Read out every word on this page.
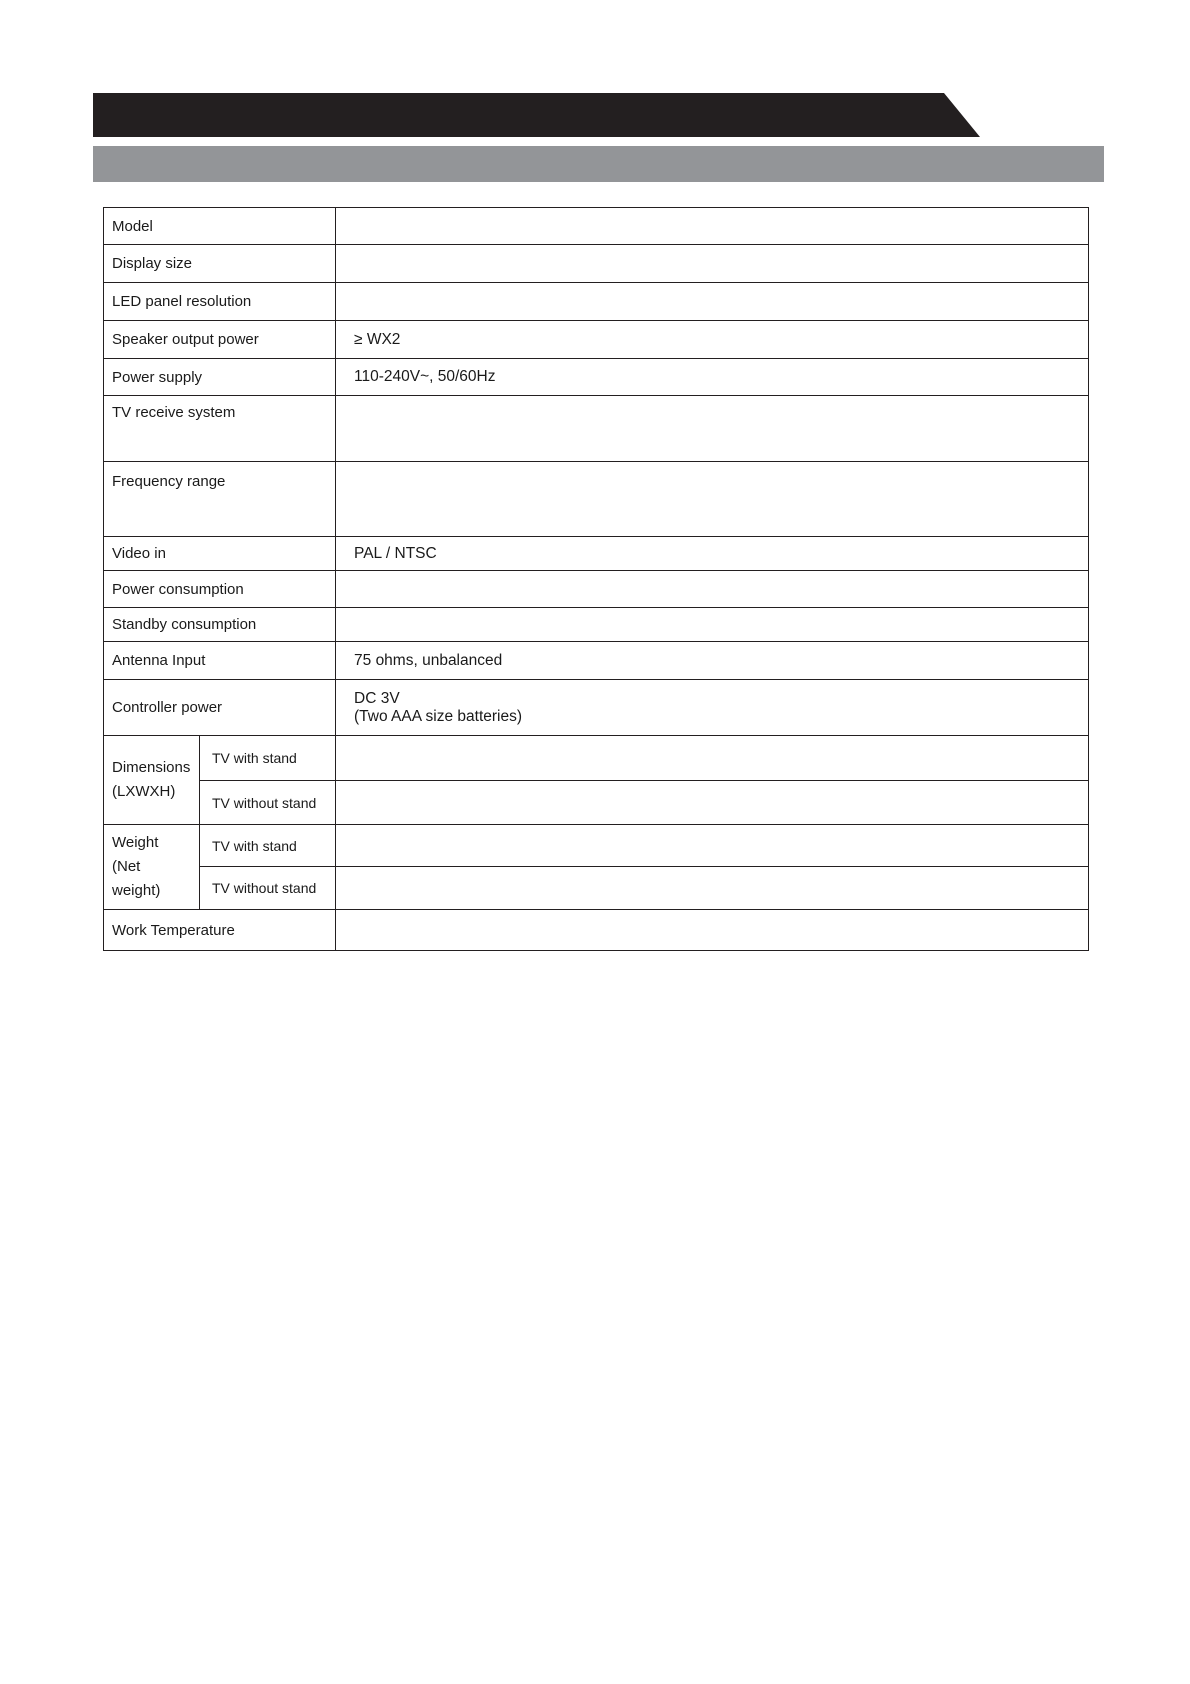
Model		
Display size		
LED panel resolution		
Speaker output power		≥ WX2
Power supply		110-240V~, 50/60Hz
TV receive system		
Frequency range		
Video in		PAL / NTSC
Power consumption		
Standby consumption		
Antenna Input		75 ohms, unbalanced
Controller power		DC 3V
(Two AAA size batteries)

Dimensions
(LXWXH)	TV with stand	
	TV without stand	

Weight
(Net weight)	TV with stand	
	TV without stand	
Work Temperature		
